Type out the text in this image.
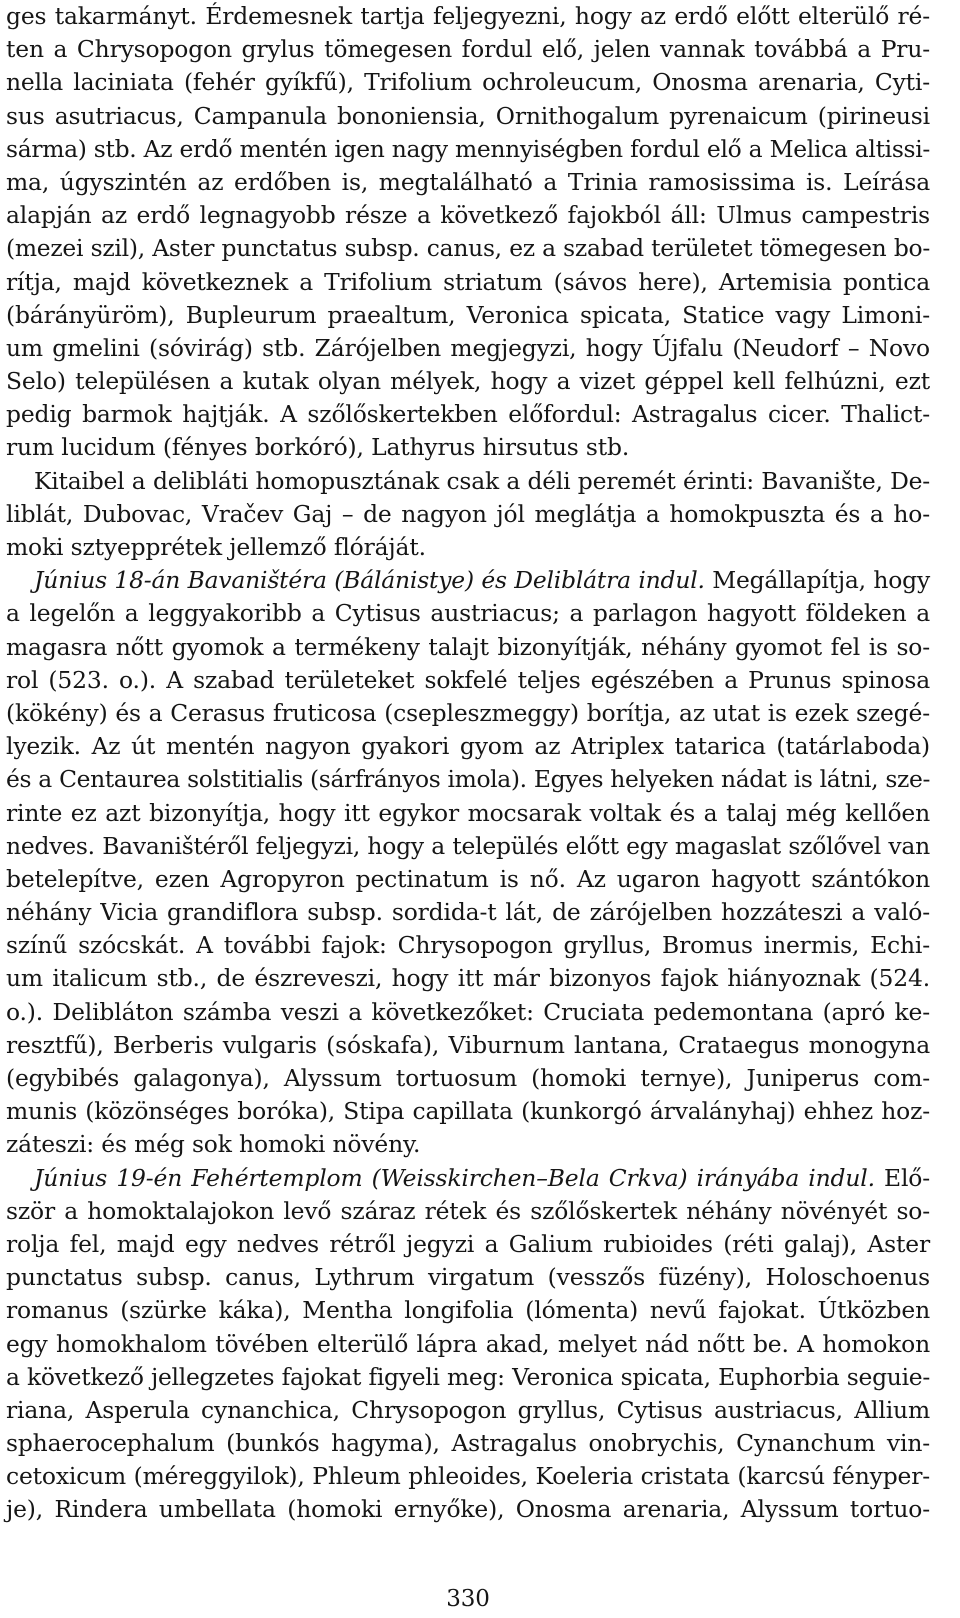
ges takarmányt. Érdemesnek tartja feljegyezni, hogy az erdő előtt elterülő ré-
ten a Chrysopogon grylus tömegesen fordul elő, jelen vannak továbbá a Pru-
nella laciniata (fehér gyíkfű), Trifolium ochroleucum, Onosma arenaria, Cyti-
sus asutriacus, Campanula bononiensia, Ornithogalum pyrenaicum (pirineusi
sárma) stb. Az erdő mentén igen nagy mennyiségben fordul elő a Melica altissi-
ma, úgyszintén az erdőben is, megtalálható a Trinia ramosissima is. Leírása
alapján az erdő legnagyobb része a következő fajokból áll: Ulmus campestris
(mezei szil), Aster punctatus subsp. canus, ez a szabad területet tömegesen bo-
rítja, majd következnek a Trifolium striatum (sávos here), Artemisia pontica
(bárányüröm), Bupleurum praealtum, Veronica spicata, Statice vagy Limoni-
um gmelini (sóvirág) stb. Zárójelben megjegyzi, hogy Újfalu (Neudorf – Novo
Selo) településen a kutak olyan mélyek, hogy a vizet géppel kell felhúzni, ezt
pedig barmok hajtják. A szőlőskertekben előfordul: Astragalus cicer. Thalict-
rum lucidum (fényes borkóró), Lathyrus hirsutus stb.
Kitaibel a delibláti homopusztának csak a déli peremét érinti: Bavanište, De-
liblát, Dubovac, Vračev Gaj – de nagyon jól meglátja a homokpuszta és a ho-
moki sztyepprétek jellemző flóráját.
Június 18-án Bavaništéra (Bálánistye) és Deliblátra indul. Megállapítja, hogy
a legelőn a leggyakoribb a Cytisus austriacus; a parlagon hagyott földeken a
magasra nőtt gyomok a termékeny talajt bizonyítják, néhány gyomot fel is so-
rol (523. o.). A szabad területeket sokfelé teljes egészében a Prunus spinosa
(kökény) és a Cerasus fruticosa (csepleszmeggy) borítja, az utat is ezek szegé-
lyezik. Az út mentén nagyon gyakori gyom az Atriplex tatarica (tatárlaboda)
és a Centaurea solstitialis (sárfrányos imola). Egyes helyeken nádat is látni, sze-
rinte ez azt bizonyítja, hogy itt egykor mocsarak voltak és a talaj még kellően
nedves. Bavaništéről feljegyzi, hogy a település előtt egy magaslat szőlővel van
betelepítve, ezen Agropyron pectinatum is nő. Az ugaron hagyott szántókon
néhány Vicia grandiflora subsp. sordida-t lát, de zárójelben hozzáteszi a való-
színű szócskát. A további fajok: Chrysopogon gryllus, Bromus inermis, Echi-
um italicum stb., de észreveszi, hogy itt már bizonyos fajok hiányoznak (524.
o.). Delibláton számba veszi a következőket: Cruciata pedemontana (apró ke-
resztfű), Berberis vulgaris (sóskafa), Viburnum lantana, Crataegus monogyna
(egybibés galagonya), Alyssum tortuosum (homoki ternye), Juniperus com-
munis (közönséges boróka), Stipa capillata (kunkorgó árvalányhaj) ehhez hoz-
záteszi: és még sok homoki növény.
Június 19-én Fehértemplom (Weisskirchen–Bela Crkva) irányába indul. Elő-
ször a homoktalajokon levő száraz rétek és szőlőskertek néhány növényét so-
rolja fel, majd egy nedves rétről jegyzi a Galium rubioides (réti galaj), Aster
punctatus subsp. canus, Lythrum virgatum (vesszős füzény), Holoschoenus
romanus (szürke káka), Mentha longifolia (lómenta) nevű fajokat. Útközben
egy homokhalom tövében elterülő lápra akad, melyet nád nőtt be. A homokon
a következő jellegzetes fajokat figyeli meg: Veronica spicata, Euphorbia seguie-
riana, Asperula cynanchica, Chrysopogon gryllus, Cytisus austriacus, Allium
sphaerocephalum (bunkós hagyma), Astragalus onobrychis, Cynanchum vin-
cetoxicum (méreggyilok), Phleum phleoides, Koeleria cristata (karcsú fényper-
je), Rindera umbellata (homoki ernyőke), Onosma arenaria, Alyssum tortuo-
330
